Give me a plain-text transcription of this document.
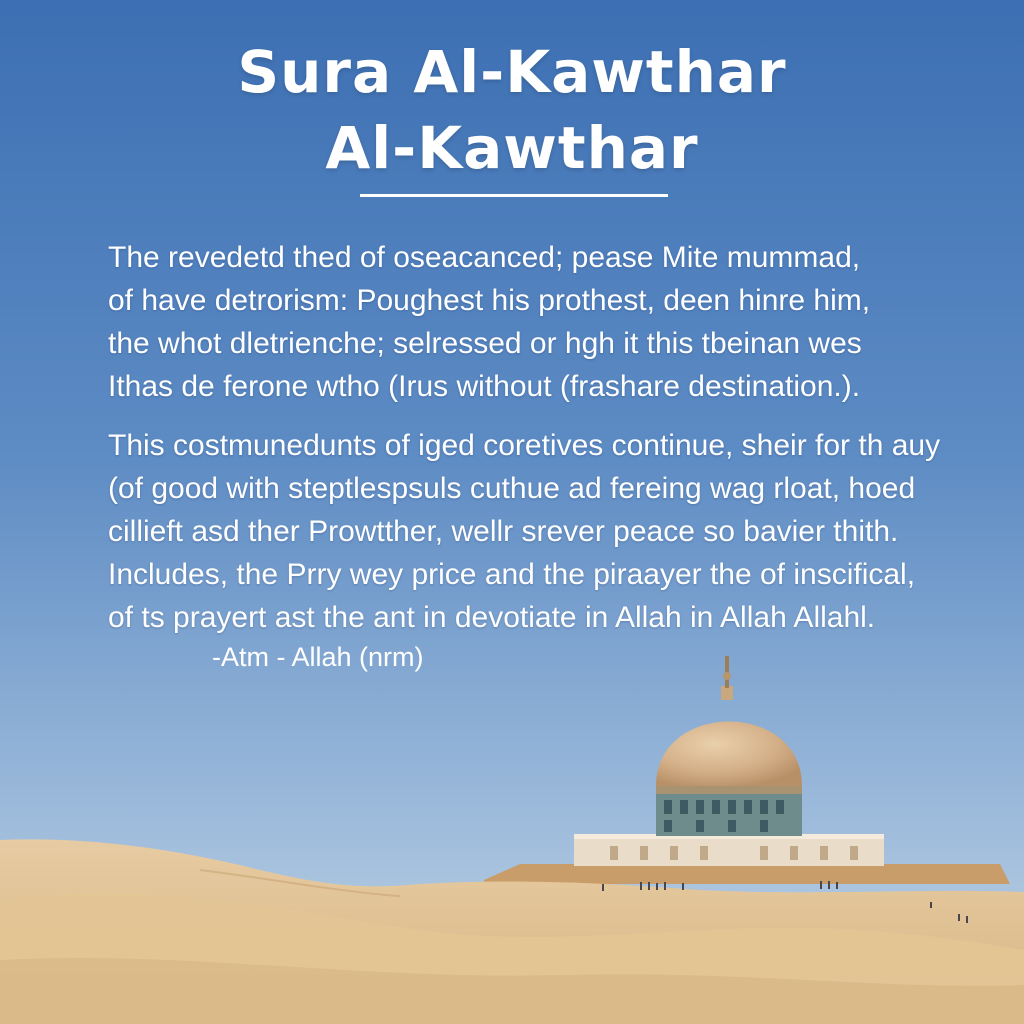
Sura Al-Kawthar
Al-Kawthar
The revedetd thed of oseacanced; pease Mite mummad,
of have detrorism: Poughest his prothest, deen hinre him,
the whot dletrienche; selressed or hgh it this tbeinan wes
Ithas de ferone wtho (Irus without (frashare destination.).
This costmunedunts of iged coretives continue, sheir for th auy
(of good with steptlespsuls cuthue ad fereing wag rloat, hoed
cillieft asd ther Prowtther, wellr srever peace so bavier thith.
Includes, the Prry wey price and the piraayer the of inscifical,
of ts prayert ast the ant in devotiate in Allah in Allah Allahl.
-Atm - Allah (nrm)
